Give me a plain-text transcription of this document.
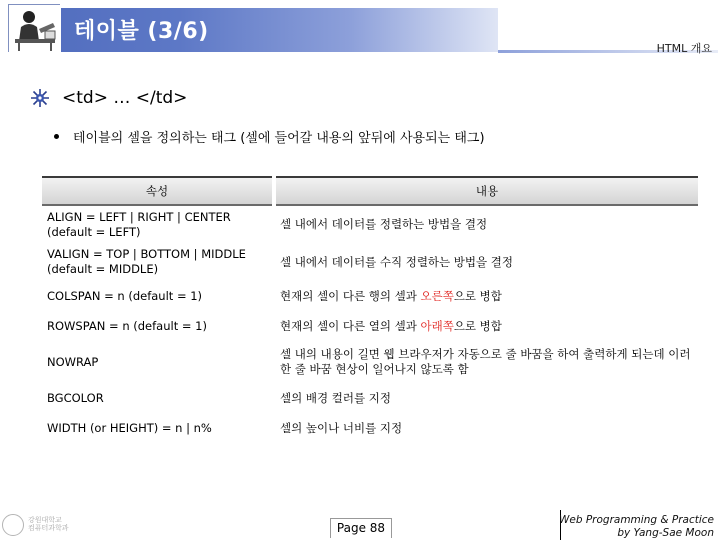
테이블 (3/6)
HTML 개요
<td> … </td>
테이블의 셀을 정의하는 태그 (셀에 들어갈 내용의 앞뒤에 사용되는 태그)
속성	내용
ALIGN = LEFT | RIGHT | CENTER (default = LEFT)	셀 내에서 데이터를 정렬하는 방법을 결정
VALIGN = TOP | BOTTOM | MIDDLE (default = MIDDLE)	셀 내에서 데이터를 수직 정렬하는 방법을 결정
COLSPAN = n (default = 1)	현재의 셀이 다른 행의 셀과 오른쪽으로 병합
ROWSPAN = n (default = 1)	현재의 셀이 다른 열의 셀과 아래쪽으로 병합
NOWRAP	셀 내의 내용이 길면 웹 브라우저가 자동으로 줄 바꿈을 하여 출력하게 되는데 이러한 줄 바꿈 현상이 일어나지 않도록 함
BGCOLOR	셀의 배경 컬러를 지정
WIDTH (or HEIGHT) = n | n%	셀의 높이나 너비를 지정
강원대학교
컴퓨터과학과	Page 88
Web Programming & Practice
by Yang-Sae Moon
